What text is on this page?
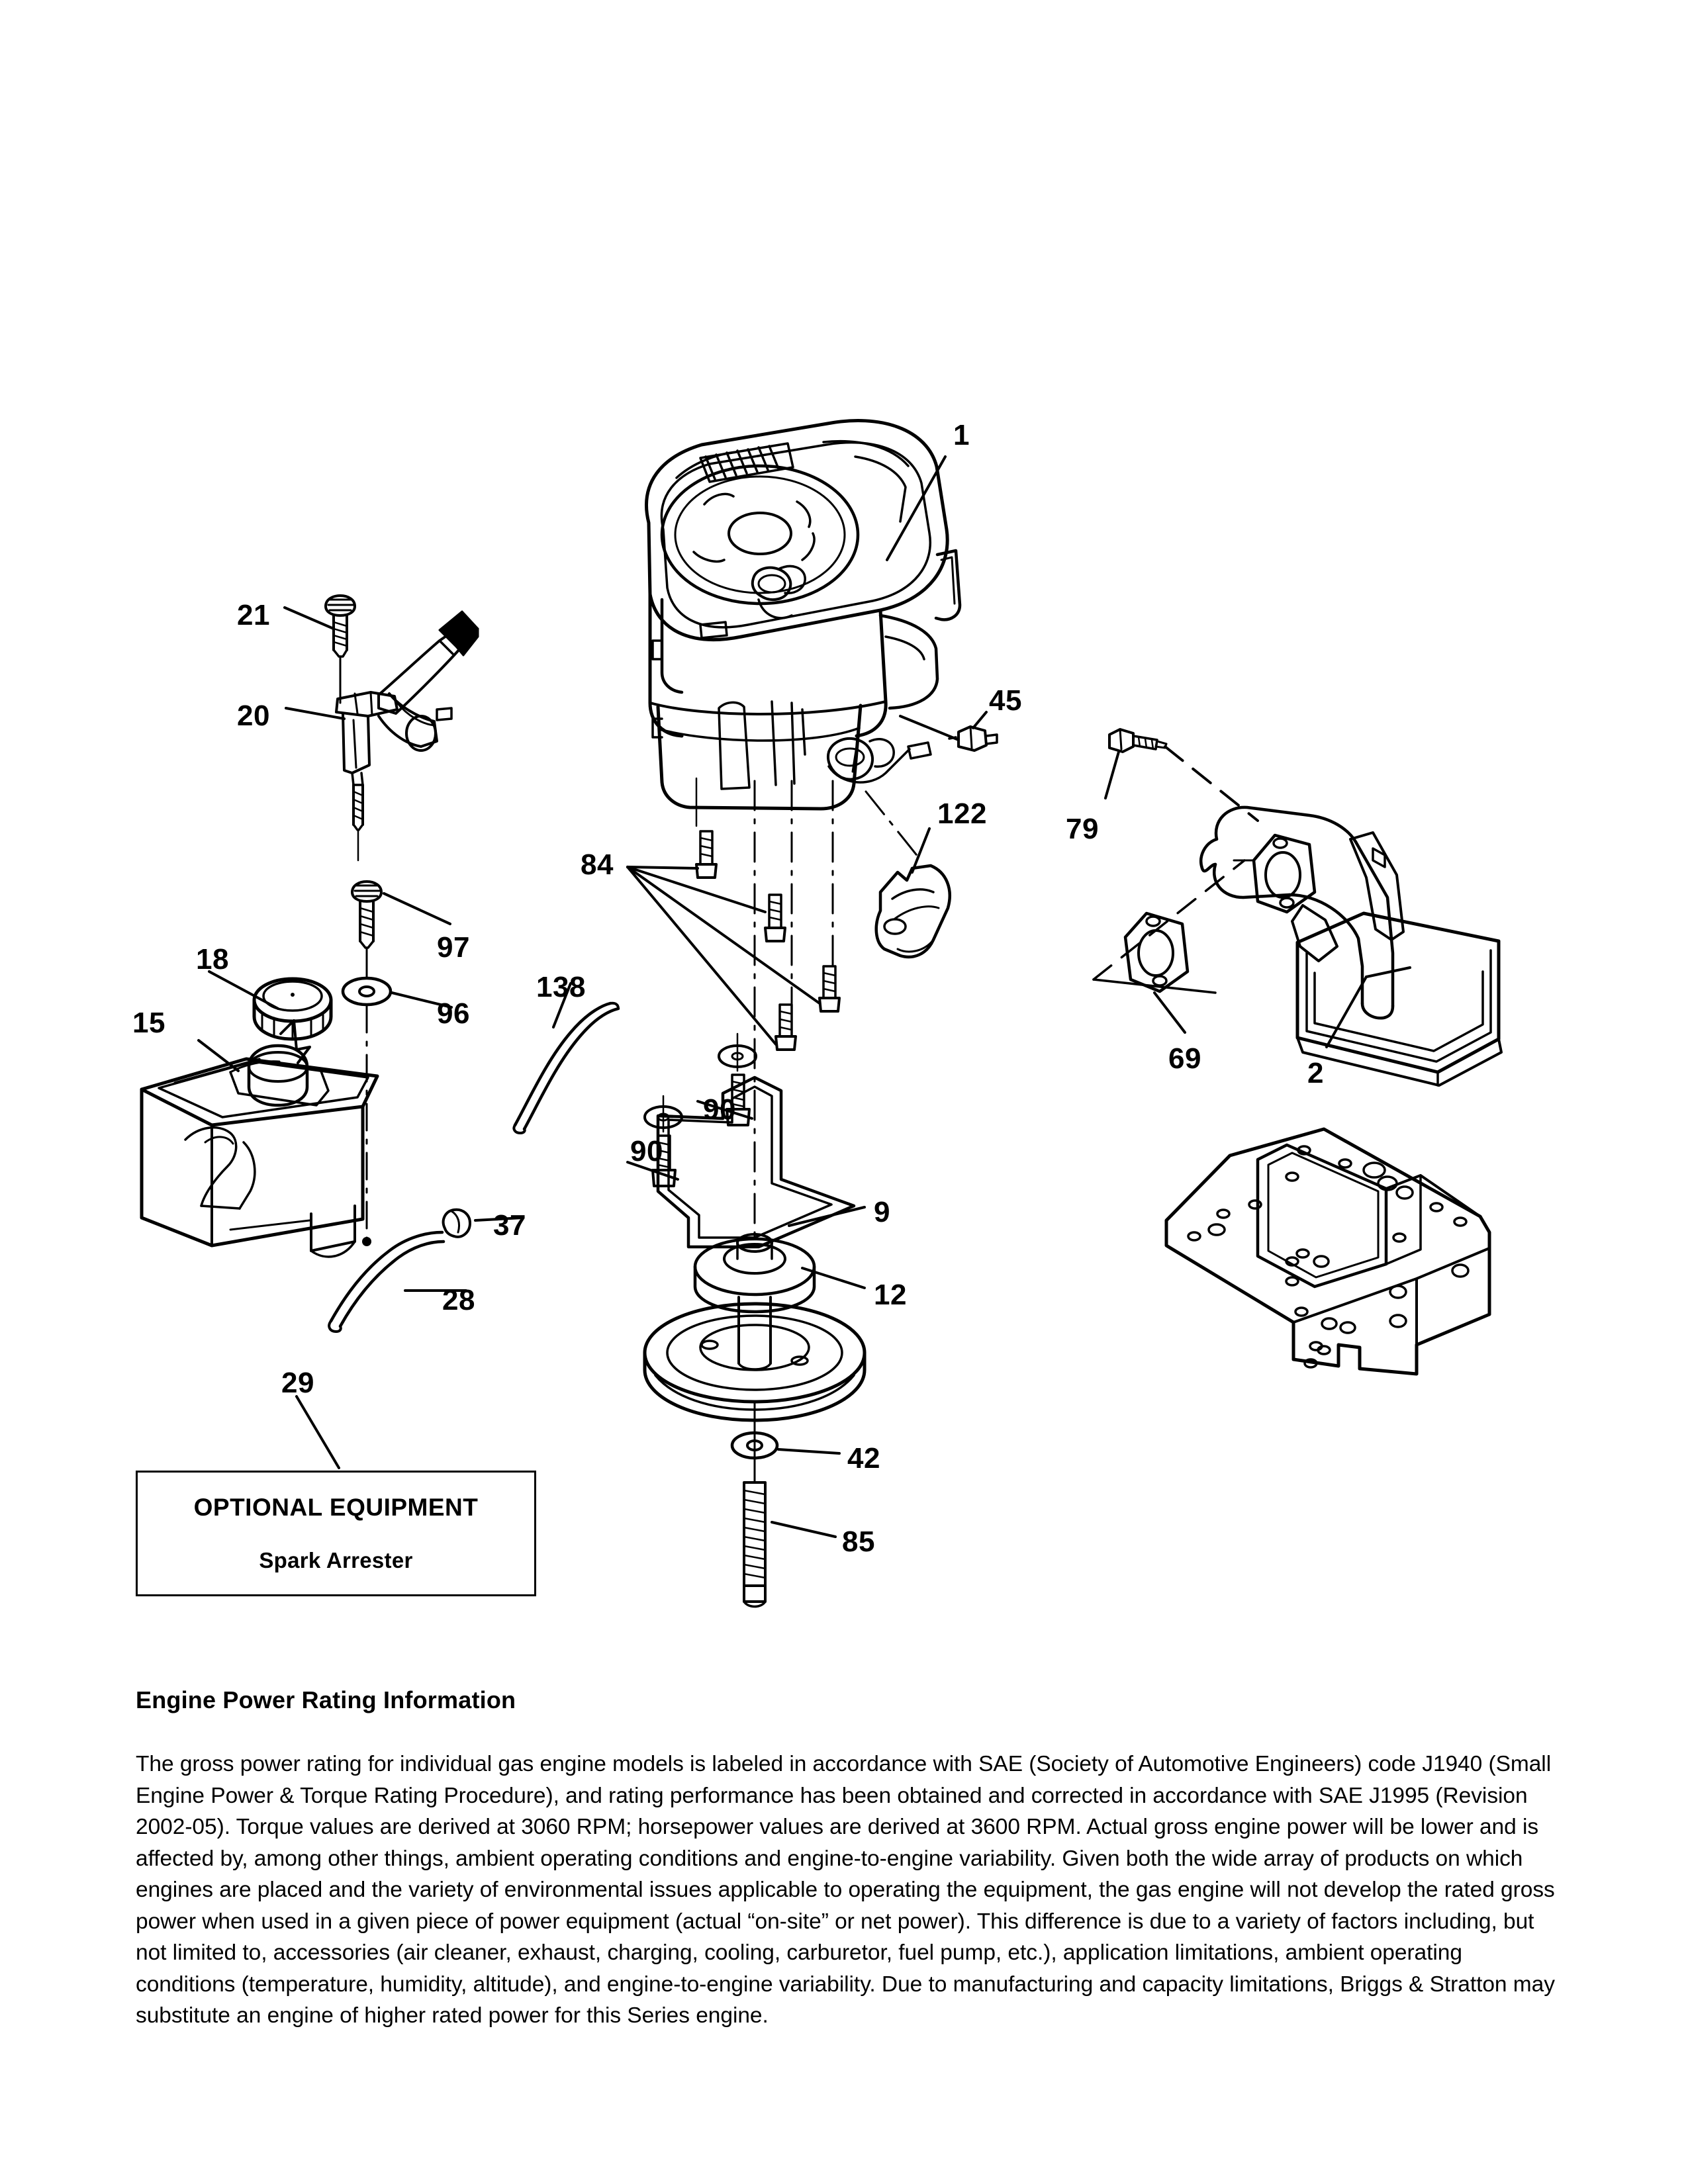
1
21
20	45
122	79
84
97
18
96
138
15
69	2
90
90
9
37
12
28
29
42
85
OPTIONAL EQUIPMENT
Spark Arrester
Engine Power Rating Information

The gross power rating for individual gas engine models is labeled in accordance with SAE (Society of Automotive Engineers) code J1940 (Small Engine Power & Torque Rating Procedure), and rating performance has been obtained and corrected in accordance with SAE J1995 (Revision 2002-05). Torque values are derived at 3060 RPM; horsepower values are derived at 3600 RPM. Actual gross engine power will be lower and is affected by, among other things, ambient operating conditions and engine-to-engine variability. Given both the wide array of products on which engines are placed and the variety of environmental issues applicable to operating the equipment, the gas engine will not develop the rated gross power when used in a given piece of power equipment (actual “on-site” or net power). This difference is due to a variety of factors including, but not limited to, accessories (air cleaner, exhaust, charging, cooling, carburetor, fuel pump, etc.), application limitations, ambient operating conditions (temperature, humidity, altitude), and engine-to-engine variability. Due to manufacturing and capacity limitations, Briggs & Stratton may substitute an engine of higher rated power for this Series engine.
